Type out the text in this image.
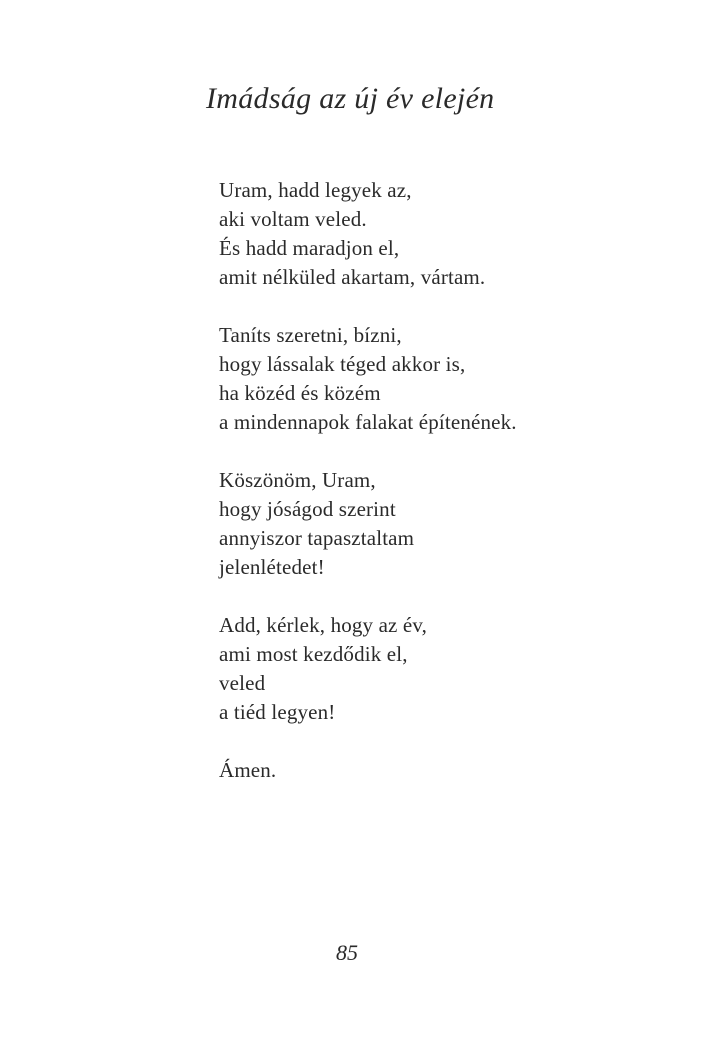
Imádság az új év elején
Uram, hadd legyek az,
aki voltam veled.
És hadd maradjon el,
amit nélküled akartam, vártam.
Taníts szeretni, bízni,
hogy lássalak téged akkor is,
ha közéd és közém
a mindennapok falakat építenének.
Köszönöm, Uram,
hogy jóságod szerint
annyiszor tapasztaltam
jelenlétedet!
Add, kérlek, hogy az év,
ami most kezdődik el,
veled
a tiéd legyen!
Ámen.
85
